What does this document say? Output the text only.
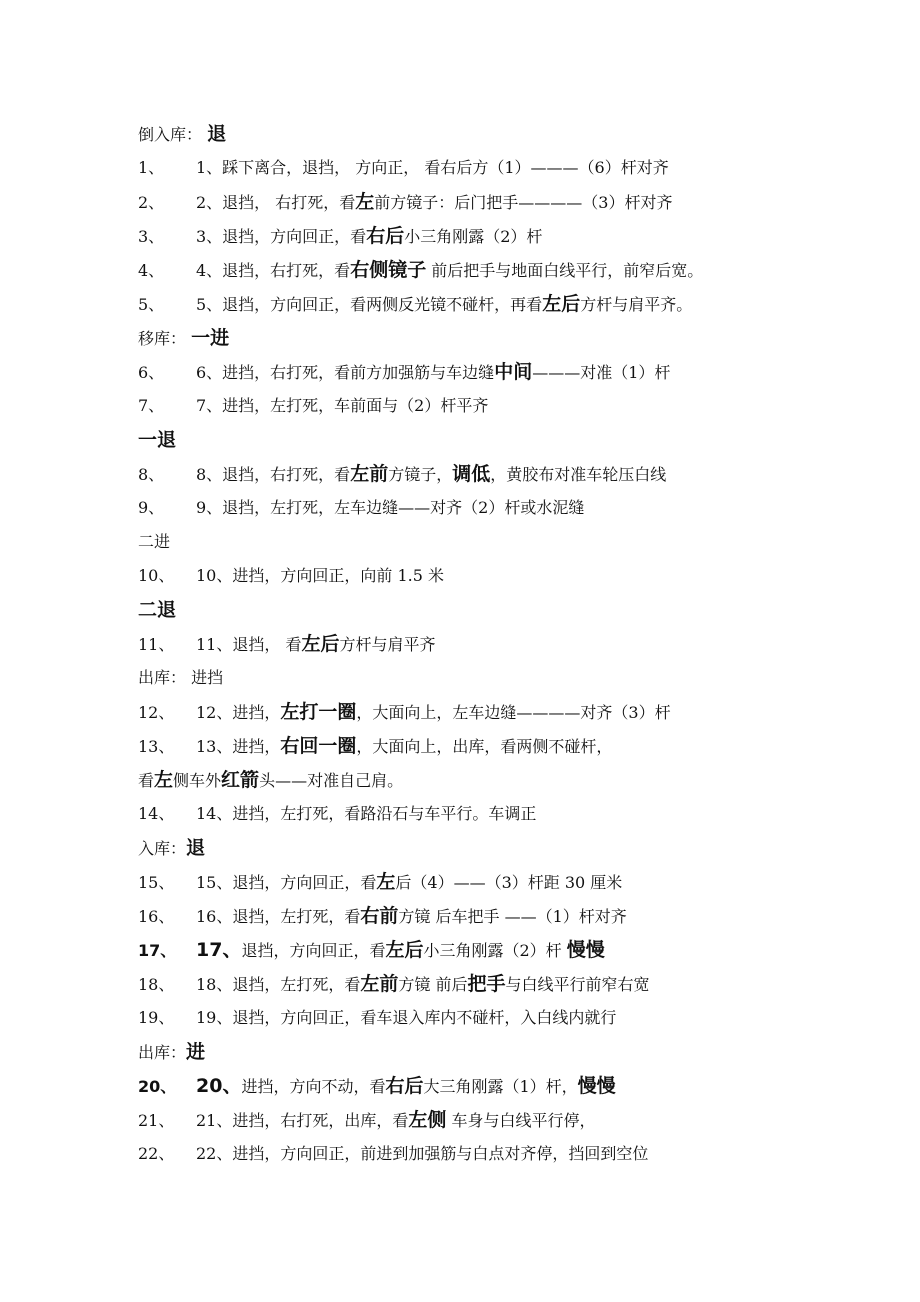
倒入库： 退
1、 1、踩下离合，退挡， 方向正， 看右后方（1）———（6）杆对齐
2、 2、退挡， 右打死，看左前方镜子：后门把手————（3）杆对齐
3、 3、退挡，方向回正，看右后小三角刚露（2）杆
4、 4、退挡，右打死，看右侧镜子 前后把手与地面白线平行，前窄后宽。
5、 5、退挡，方向回正，看两侧反光镜不碰杆，再看左后方杆与肩平齐。
移库： 一进
6、 6、进挡，右打死，看前方加强筋与车边缝中间———对准（1）杆
7、 7、进挡，左打死，车前面与（2）杆平齐
一退
8、 8、退挡，右打死，看左前方镜子，调低，黄胶布对准车轮压白线
9、 9、退挡，左打死，左车边缝——对齐（2）杆或水泥缝
二进
10、 10、进挡，方向回正，向前 1.5 米
二退
11、 11、退挡， 看左后方杆与肩平齐
出库： 进挡
12、 12、进挡，左打一圈，大面向上，左车边缝————对齐（3）杆
13、 13、进挡，右回一圈，大面向上，出库，看两侧不碰杆，
看左侧车外红箭头——对准自己肩。
14、 14、进挡，左打死，看路沿石与车平行。车调正
入库：退
15、 15、退挡，方向回正，看左后（4）——（3）杆距 30 厘米
16、 16、退挡，左打死，看右前方镜 后车把手 ——（1）杆对齐
17、 17、退挡，方向回正，看左后小三角刚露（2）杆 慢慢
18、 18、退挡，左打死，看左前方镜 前后把手与白线平行前窄右宽
19、 19、退挡，方向回正，看车退入库内不碰杆，入白线内就行
出库：进
20、 20、进挡，方向不动，看右后大三角刚露（1）杆，慢慢
21、 21、进挡，右打死，出库，看左侧 车身与白线平行停，
22、 22、进挡，方向回正，前进到加强筋与白点对齐停，挡回到空位
